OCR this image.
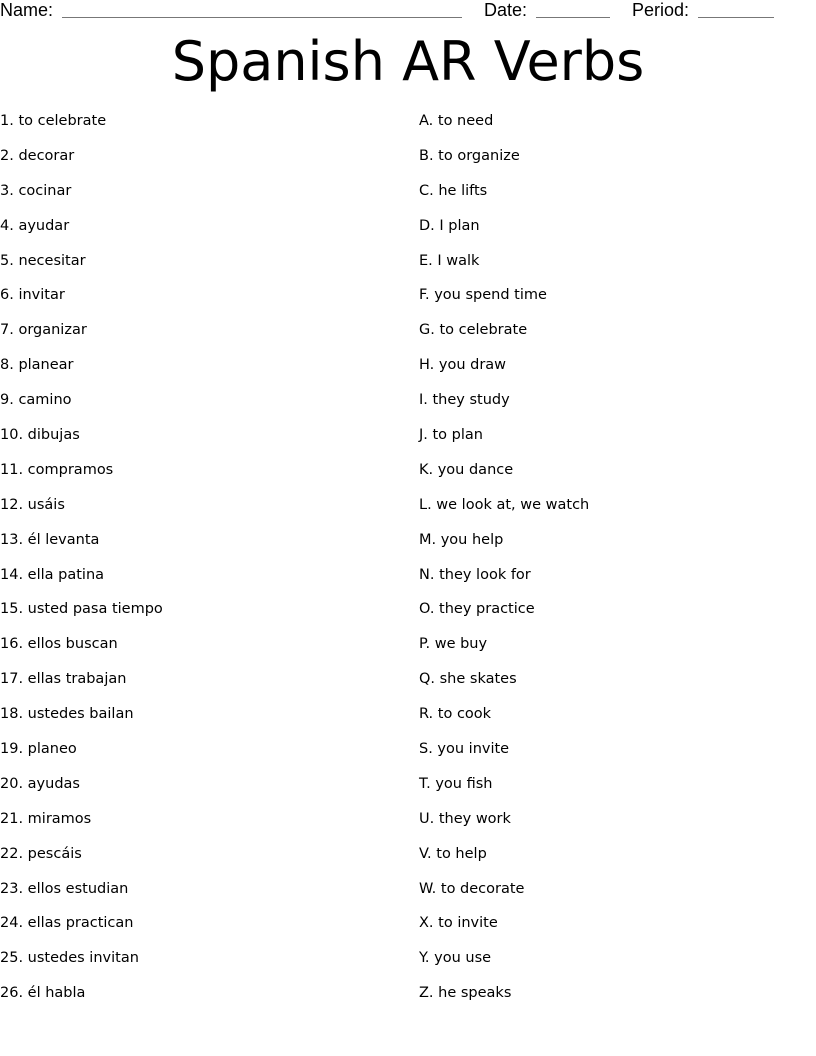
Name:	Date:	Period:
Spanish AR Verbs
1. to celebrate
2. decorar
3. cocinar
4. ayudar
5. necesitar
6. invitar
7. organizar
8. planear
9. camino
10. dibujas
11. compramos
12. usáis
13. él levanta
14. ella patina
15. usted pasa tiempo
16. ellos buscan
17. ellas trabajan
18. ustedes bailan
19. planeo
20. ayudas
21. miramos
22. pescáis
23. ellos estudian
24. ellas practican
25. ustedes invitan
26. él habla
A. to need
B. to organize
C. he lifts
D. I plan
E. I walk
F. you spend time
G. to celebrate
H. you draw
I. they study
J. to plan
K. you dance
L. we look at, we watch
M. you help
N. they look for
O. they practice
P. we buy
Q. she skates
R. to cook
S. you invite
T. you fish
U. they work
V. to help
W. to decorate
X. to invite
Y. you use
Z. he speaks
